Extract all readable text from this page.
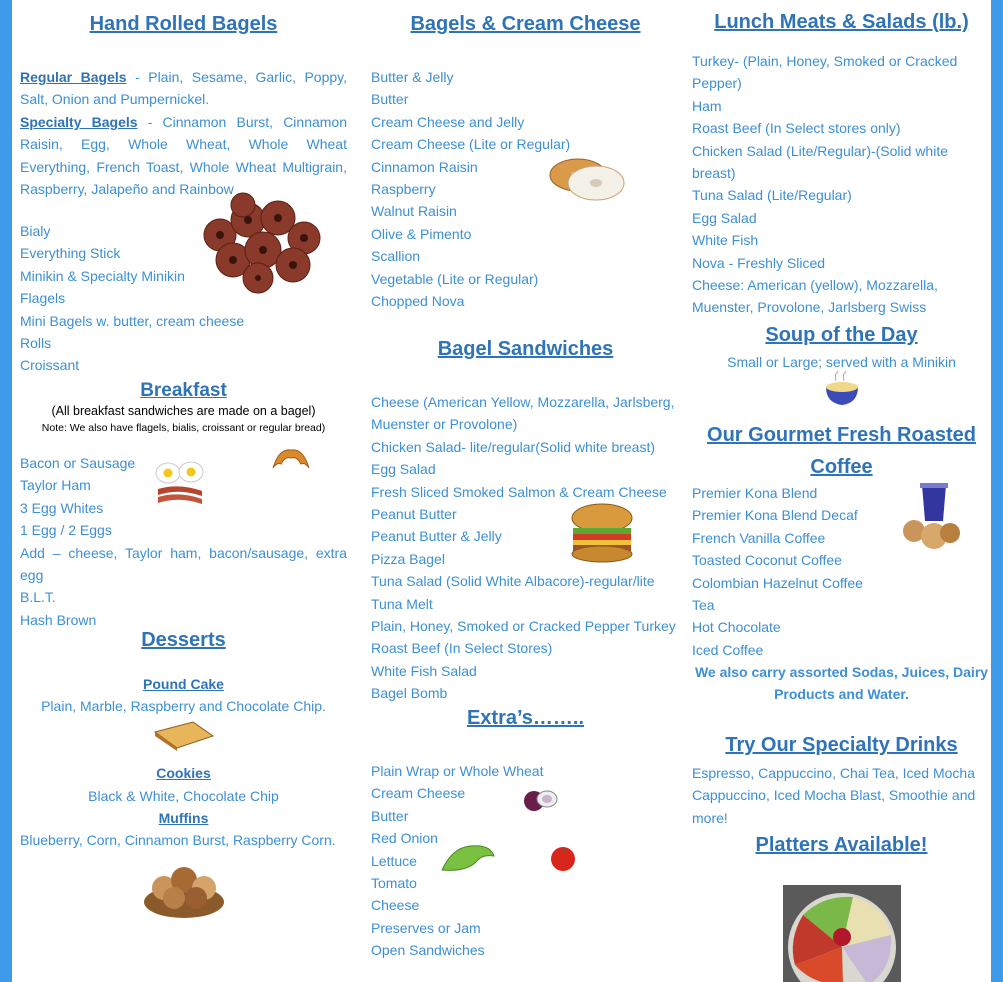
Hand Rolled Bagels
Regular Bagels - Plain, Sesame, Garlic, Poppy, Salt, Onion and Pumpernickel.
Specialty Bagels - Cinnamon Burst, Cinnamon Raisin, Egg, Whole Wheat, Whole Wheat Everything, French Toast, Whole Wheat Multigrain, Raspberry, Jalapeño and Rainbow
Bialy
Everything Stick
Minikin & Specialty Minikin
Flagels
Mini Bagels w. butter, cream cheese
Rolls
Croissant
Breakfast
(All breakfast sandwiches are made on a bagel)
Note: We also have flagels, bialis, croissant or regular bread)
Bacon or Sausage
Taylor Ham
3 Egg Whites
1 Egg / 2 Eggs
Add – cheese, Taylor ham, bacon/sausage, extra egg
B.L.T.
Hash Brown
Desserts
Pound Cake
Plain, Marble, Raspberry and Chocolate Chip.
Cookies
Black & White, Chocolate Chip
Muffins
Blueberry, Corn, Cinnamon Burst, Raspberry Corn.
Bagels & Cream Cheese
Butter & Jelly
Butter
Cream Cheese and Jelly
Cream Cheese (Lite or Regular)
Cinnamon Raisin
Raspberry
Walnut Raisin
Olive & Pimento
Scallion
Vegetable (Lite or Regular)
Chopped Nova
Bagel Sandwiches
Cheese (American Yellow, Mozzarella, Jarlsberg, Muenster or Provolone)
Chicken Salad- lite/regular(Solid white breast)
Egg Salad
Fresh Sliced Smoked Salmon & Cream Cheese
Peanut Butter
Peanut Butter & Jelly
Pizza Bagel
Tuna Salad (Solid White Albacore)-regular/lite
Tuna Melt
Plain, Honey, Smoked or Cracked Pepper Turkey
Roast Beef (In Select Stores)
White Fish Salad
Bagel Bomb
Extra’s……..
Plain Wrap or Whole Wheat
Cream Cheese
Butter
Red Onion
Lettuce
Tomato
Cheese
Preserves or Jam
Open Sandwiches
Lunch Meats & Salads (lb.)
Turkey- (Plain, Honey, Smoked or Cracked Pepper)
Ham
Roast Beef (In Select stores only)
Chicken Salad (Lite/Regular)-(Solid white breast)
Tuna Salad (Lite/Regular)
Egg Salad
White Fish
Nova - Freshly Sliced
Cheese: American (yellow), Mozzarella, Muenster, Provolone, Jarlsberg Swiss
Soup of the Day
Small or Large; served with a Minikin
Our Gourmet Fresh Roasted Coffee
Premier Kona Blend
Premier Kona Blend Decaf
French Vanilla Coffee
Toasted Coconut Coffee
Colombian Hazelnut Coffee
Tea
Hot Chocolate
Iced Coffee
We also carry assorted Sodas, Juices, Dairy Products and Water.
Try Our Specialty Drinks
Espresso, Cappuccino, Chai Tea, Iced Mocha Cappuccino, Iced Mocha Blast, Smoothie and more!
Platters Available!
